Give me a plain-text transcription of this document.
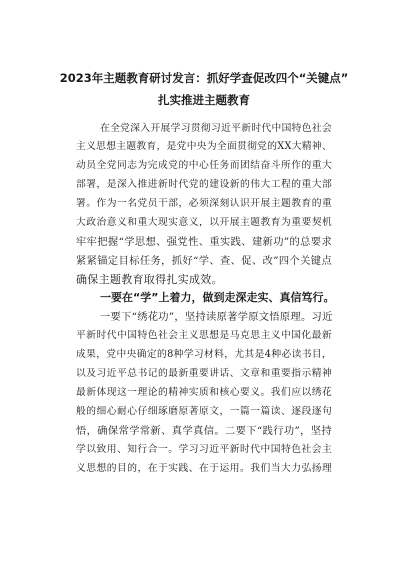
2023年主题教育研讨发言：抓好学查促改四个“关键点”
扎实推进主题教育
在全党深入开展学习贯彻习近平新时代中国特色社会
主义思想主题教育，是党中央为全面贯彻党的XX大精神、
动员全党同志为完成党的中心任务而团结奋斗所作的重大
部署，是深入推进新时代党的建设新的伟大工程的重大部
署。作为一名党员干部，必须深刻认识开展主题教育的重
大政治意义和重大现实意义，以开展主题教育为重要契机
牢牢把握“学思想、强党性、重实践、建新功”的总要求
紧紧锚定目标任务，抓好“学、查、促、改”四个关键点
确保主题教育取得扎实成效。
一要在“学”上着力，做到走深走实、真信笃行。
一要下“绣花功”，坚持读原著学原文悟原理。习近
平新时代中国特色社会主义思想是马克思主义中国化最新
成果，党中央确定的8种学习材料，尤其是4种必读书目，
以及习近平总书记的最新重要讲话、文章和重要指示精神
最新体现这一理论的精神实质和核心要义。我们应以绣花
般的细心耐心仔细琢磨原著原文，一篇一篇读、逐段逐句
悟，确保常学常新、真学真信。二要下“践行功”，坚持
学以致用、知行合一。学习习近平新时代中国特色社会主
义思想的目的，在于实践、在于运用。我们当大力弘扬理
